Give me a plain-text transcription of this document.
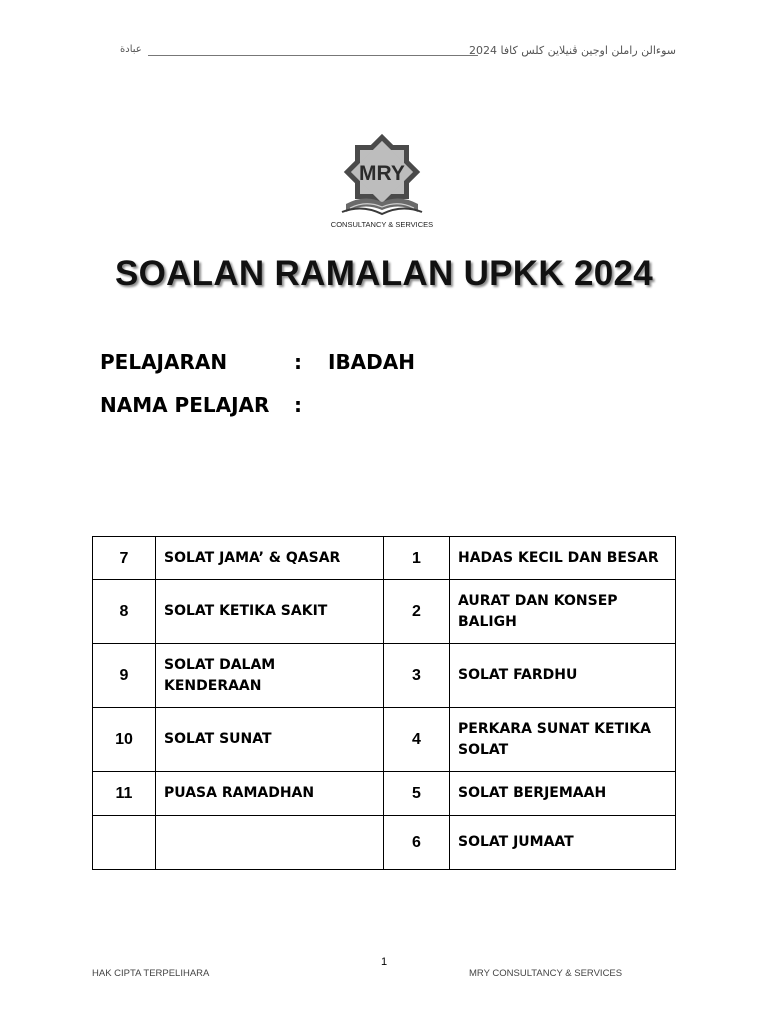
عبادة	سوءالن راملن اوجين ڤنيلاين كلس كافا 2024
MRY
CONSULTANCY & SERVICES
SOALAN RAMALAN UPKK 2024
PELAJARAN	: IBADAH
NAMA PELAJAR :
7	SOLAT JAMA’ & QASAR	1	HADAS KECIL DAN BESAR
8	SOLAT KETIKA SAKIT	2	AURAT DAN KONSEP BALIGH
9	SOLAT DALAM KENDERAAN	3	SOLAT FARDHU
10	SOLAT SUNAT	4	PERKARA SUNAT KETIKA SOLAT
11	PUASA RAMADHAN	5	SOLAT BERJEMAAH
		6	SOLAT JUMAAT
1
HAK CIPTA TERPELIHARA	MRY CONSULTANCY & SERVICES
